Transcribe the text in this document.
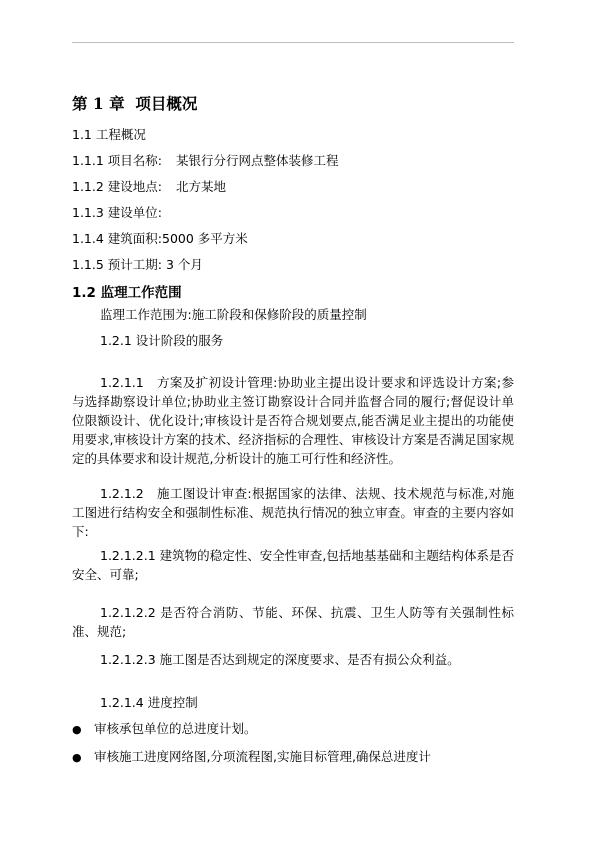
第 1 章 项目概况
1.1 工程概况
1.1.1 项目名称: 某银行分行网点整体装修工程
1.1.2 建设地点: 北方某地
1.1.3 建设单位:
1.1.4 建筑面积:5000 多平方米
1.1.5 预计工期: 3 个月
1.2 监理工作范围
监理工作范围为:施工阶段和保修阶段的质量控制
1.2.1 设计阶段的服务
1.2.1.1　方案及扩初设计管理:协助业主提出设计要求和评选设计方案;参与选择勘察设计单位;协助业主签订勘察设计合同并监督合同的履行;督促设计单位限额设计、优化设计;审核设计是否符合规划要点,能否满足业主提出的功能使用要求,审核设计方案的技术、经济指标的合理性、审核设计方案是否满足国家规定的具体要求和设计规范,分析设计的施工可行性和经济性。
1.2.1.2　施工图设计审查:根据国家的法律、法规、技术规范与标准,对施工图进行结构安全和强制性标准、规范执行情况的独立审查。审查的主要内容如下:
1.2.1.2.1 建筑物的稳定性、安全性审查,包括地基基础和主题结构体系是否安全、可靠;
1.2.1.2.2 是否符合消防、节能、环保、抗震、卫生人防等有关强制性标准、规范;
1.2.1.2.3 施工图是否达到规定的深度要求、是否有损公众利益。
1.2.1.4 进度控制
● 审核承包单位的总进度计划。
● 审核施工进度网络图,分项流程图,实施目标管理,确保总进度计
